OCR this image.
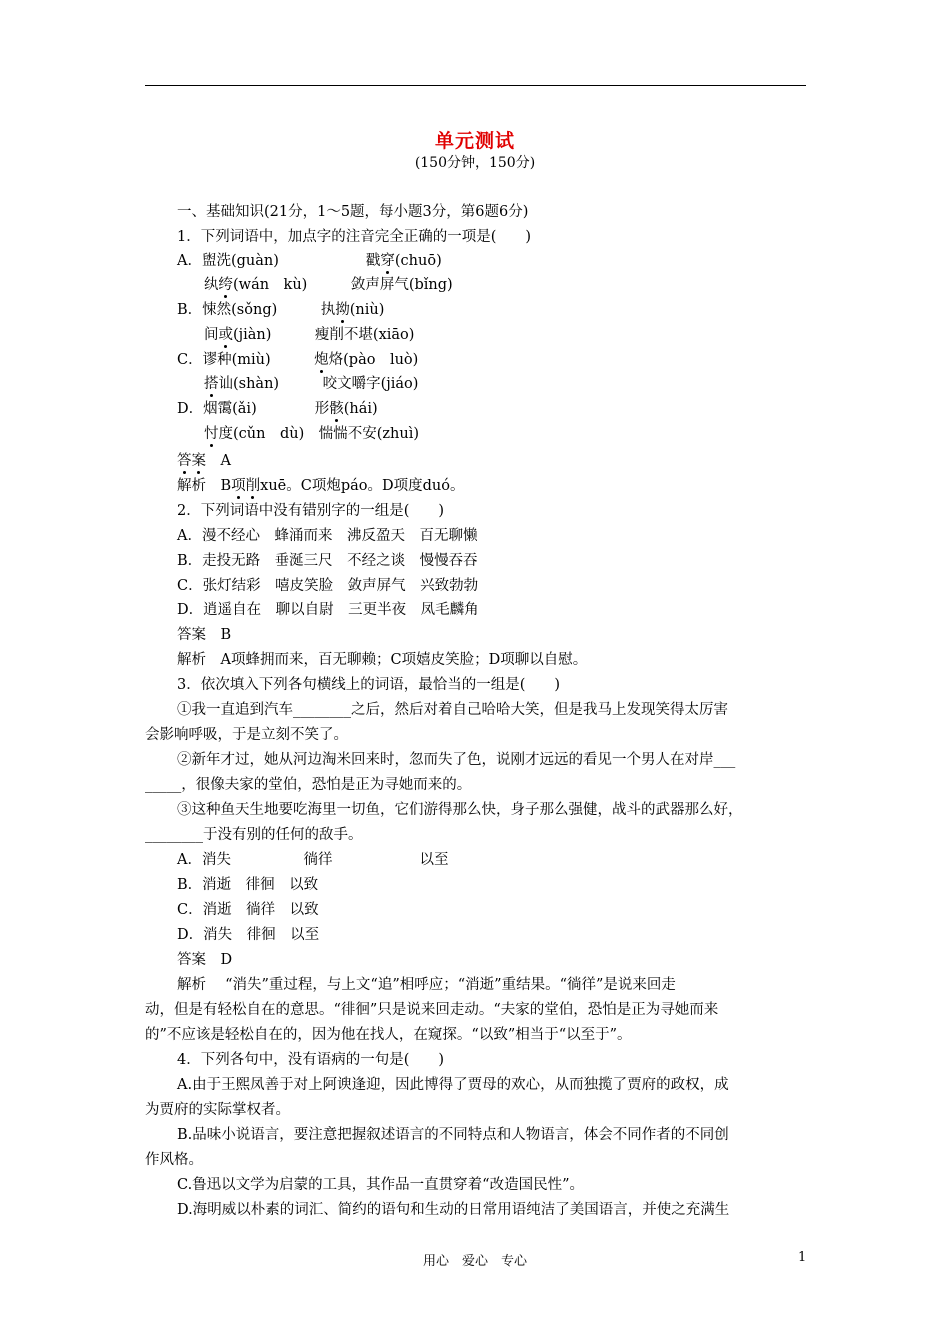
单元测试
(150分钟，150分)
一、基础知识(21分，1～5题，每小题3分，第6题6分)
1．下列词语中，加点字的注音完全正确的一项是(　　)
A．盥洗(guàn)　　　　　　戳穿(chuō)
纨绔(wán　kù)　　　敛声屏气(bǐng)
B．悚然(sǒng)　　　执拗(niù)
间或(jiàn)　　　瘦削不堪(xiāo)
C．谬种(miù)　　　炮烙(pào　luò)
搭讪(shàn)　　　咬文嚼字(jiáo)
D．烟霭(ǎi)　　　　形骸(hái)
忖度(cǔn　dù)　惴惴不安(zhuì)
答案　A
解析　B项削xuē。C项炮páo。D项度duó。
2．下列词语中没有错别字的一组是(　　)
A．漫不经心　蜂涌而来　沸反盈天　百无聊懒
B．走投无路　垂涎三尺　不经之谈　慢慢吞吞
C．张灯结彩　嘻皮笑脸　敛声屏气　兴致勃勃
D．逍遥自在　聊以自尉　三更半夜　凤毛麟角
答案　B
解析　A项蜂拥而来，百无聊赖；C项嬉皮笑脸；D项聊以自慰。
3．依次填入下列各句横线上的词语，最恰当的一组是(　　)
①我一直追到汽车________之后，然后对着自己哈哈大笑，但是我马上发现笑得太厉害
会影响呼吸，于是立刻不笑了。
②新年才过，她从河边淘米回来时，忽而失了色，说刚才远远的看见一个男人在对岸___
_____，很像夫家的堂伯，恐怕是正为寻她而来的。
③这种鱼天生地要吃海里一切鱼，它们游得那么快，身子那么强健，战斗的武器那么好，
________于没有别的任何的敌手。
A．消失　　　　　徜徉　　　　　　以至
B．消逝　徘徊　以致
C．消逝　徜徉　以致
D．消失　徘徊　以至
答案　D
解析　 “消失”重过程，与上文“追”相呼应；“消逝”重结果。“徜徉”是说来回走
动，但是有轻松自在的意思。“徘徊”只是说来回走动。“夫家的堂伯，恐怕是正为寻她而来
的”不应该是轻松自在的，因为他在找人，在窥探。“以致”相当于“以至于”。
4．下列各句中，没有语病的一句是(　　)
A.由于王熙凤善于对上阿谀逢迎，因此博得了贾母的欢心，从而独揽了贾府的政权，成
为贾府的实际掌权者。
B.品味小说语言，要注意把握叙述语言的不同特点和人物语言，体会不同作者的不同创
作风格。
C.鲁迅以文学为启蒙的工具，其作品一直贯穿着“改造国民性”。
D.海明威以朴素的词汇、简约的语句和生动的日常用语纯洁了美国语言，并使之充满生
用心　爱心　专心	1
